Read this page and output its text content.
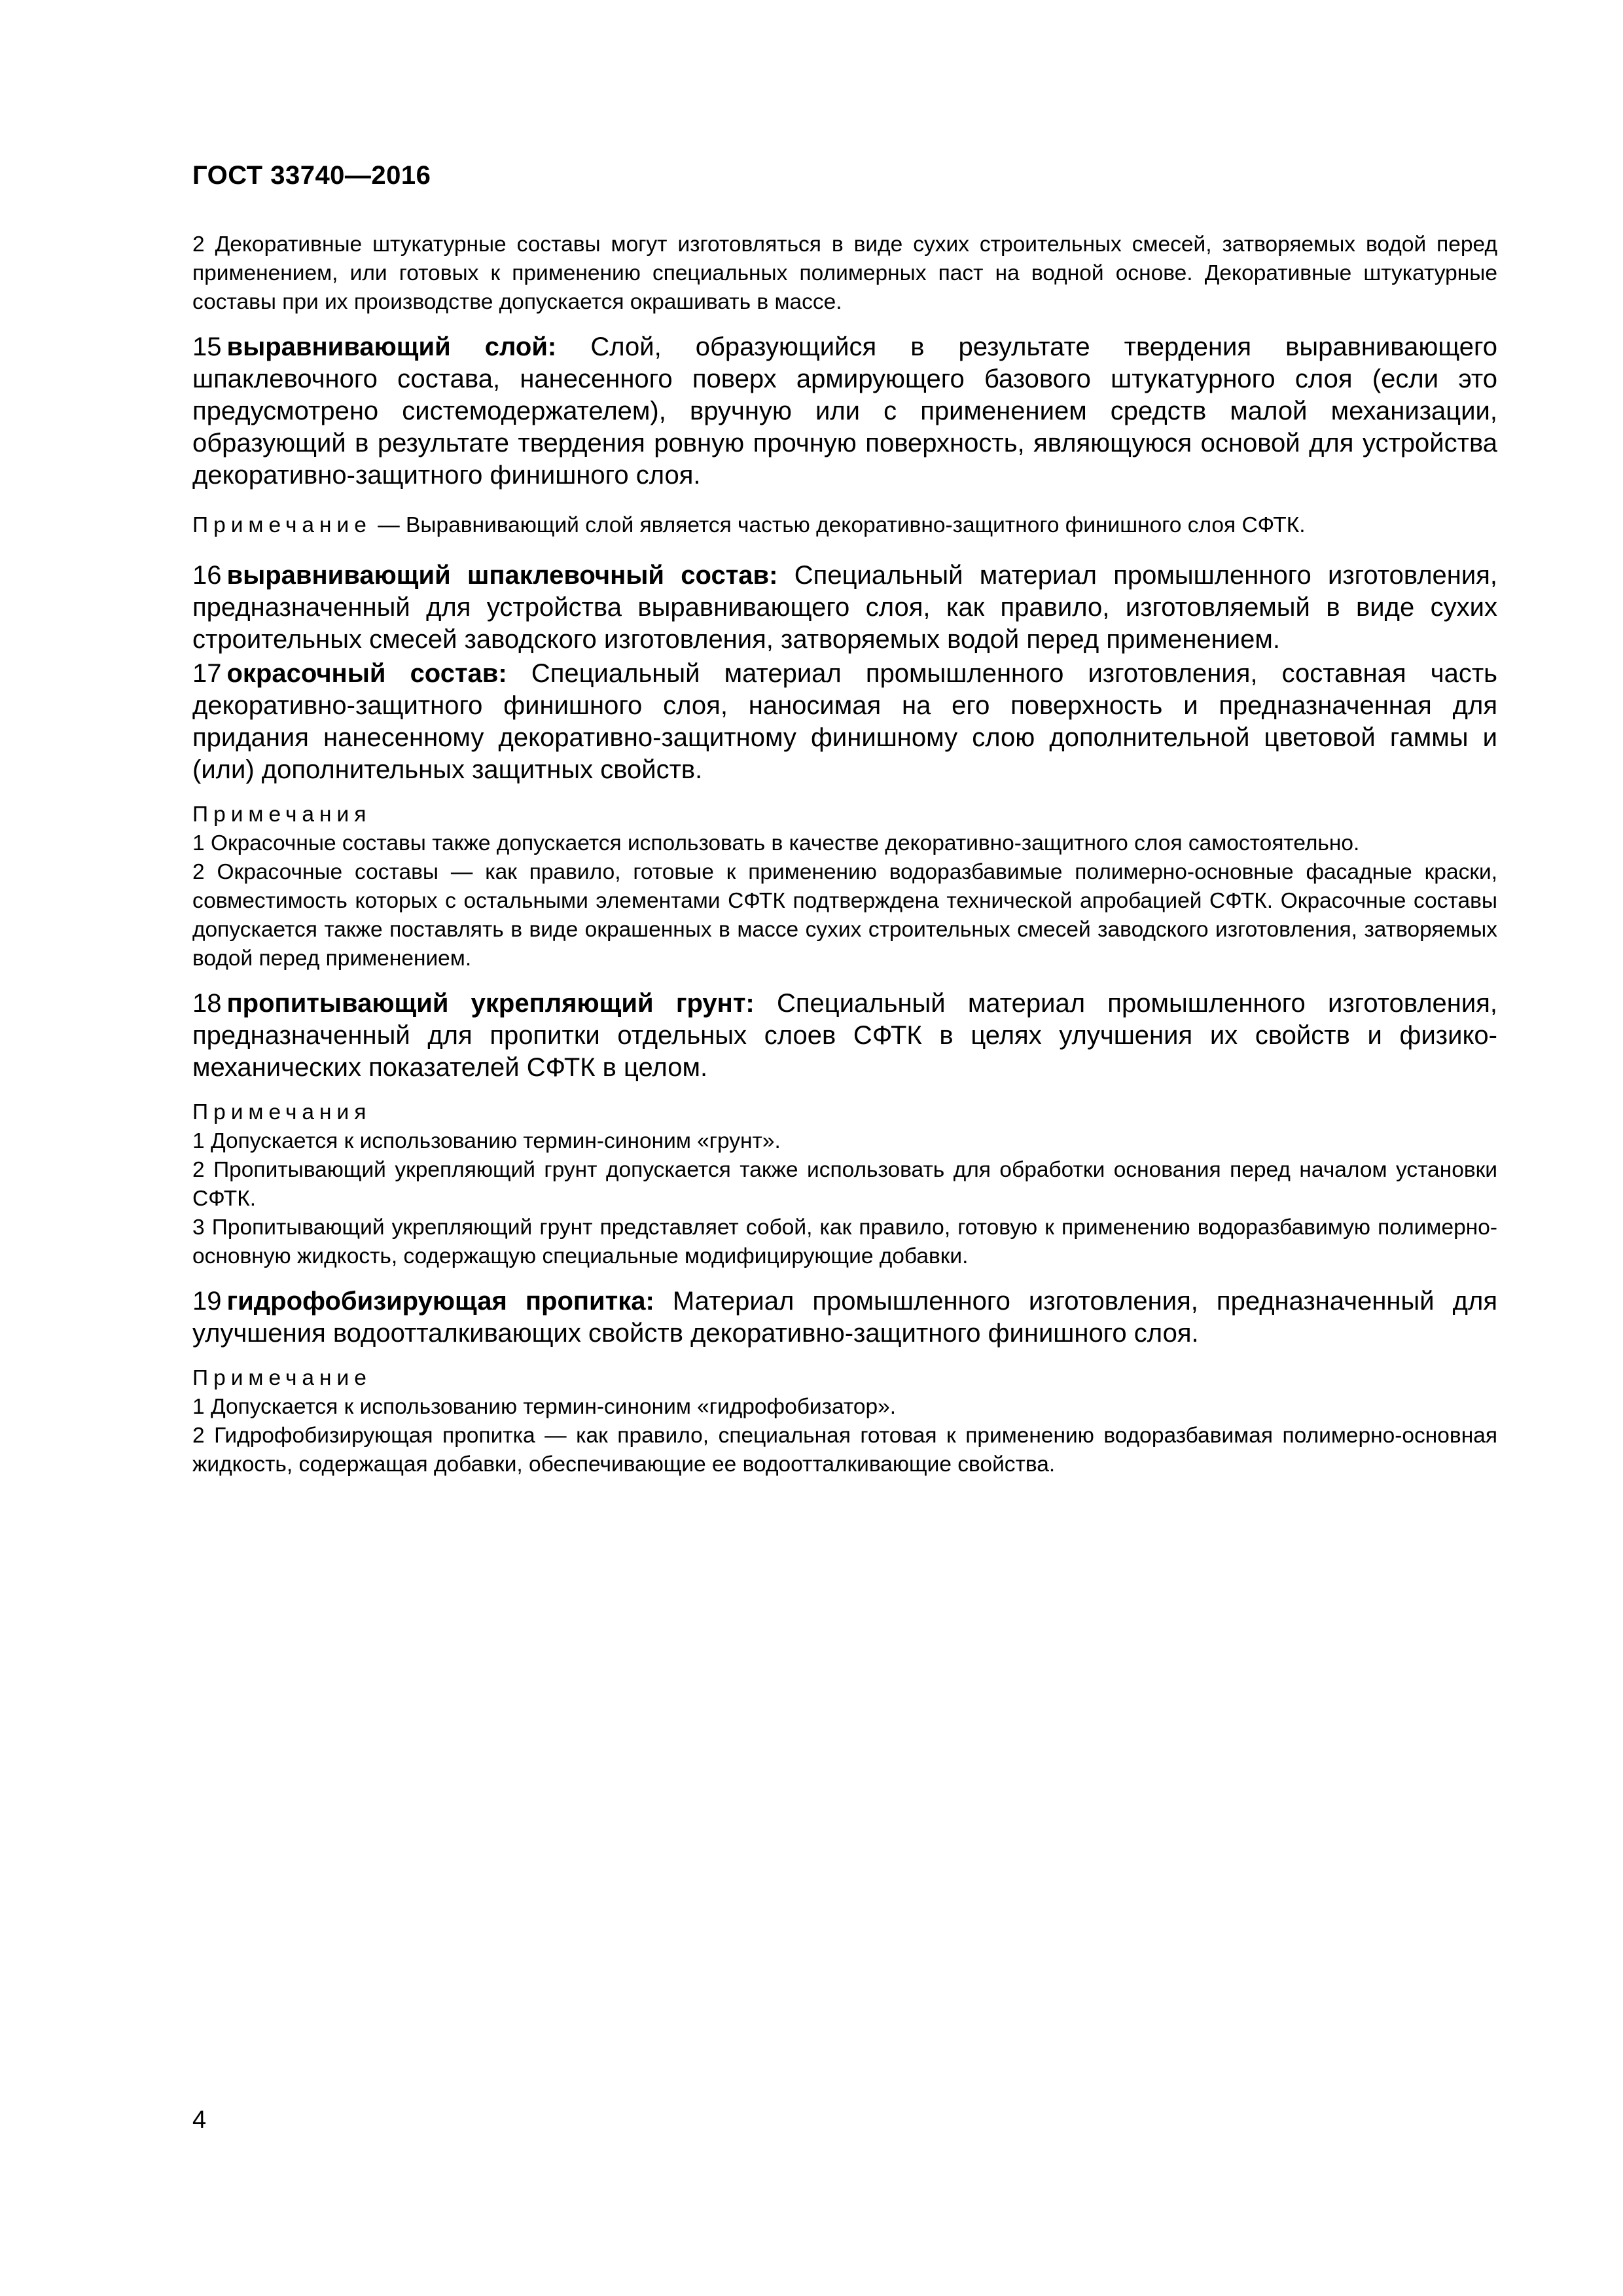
ГОСТ 33740—2016

2 Декоративные штукатурные составы могут изготовляться в виде сухих строительных смесей, затворяемых водой перед применением, или готовых к применению специальных полимерных паст на водной основе. Декоративные штукатурные составы при их производстве допускается окрашивать в массе.

15 выравнивающий слой: Слой, образующийся в результате твердения выравнивающего шпаклевочного состава, нанесенного поверх армирующего базового штукатурного слоя (если это предусмотрено системодержателем), вручную или с применением средств малой механизации, образующий в результате твердения ровную прочную поверхность, являющуюся основой для устройства декоративно-защитного финишного слоя.

Примечание — Выравнивающий слой является частью декоративно-защитного финишного слоя СФТК.

16 выравнивающий шпаклевочный состав: Специальный материал промышленного изготовления, предназначенный для устройства выравнивающего слоя, как правило, изготовляемый в виде сухих строительных смесей заводского изготовления, затворяемых водой перед применением.

17 окрасочный состав: Специальный материал промышленного изготовления, составная часть декоративно-защитного финишного слоя, наносимая на его поверхность и предназначенная для придания нанесенному декоративно-защитному финишному слою дополнительной цветовой гаммы и (или) дополнительных защитных свойств.

Примечания

1 Окрасочные составы также допускается использовать в качестве декоративно-защитного слоя самостоятельно.

2 Окрасочные составы — как правило, готовые к применению водоразбавимые полимерно-основные фасадные краски, совместимость которых с остальными элементами СФТК подтверждена технической апробацией СФТК. Окрасочные составы допускается также поставлять в виде окрашенных в массе сухих строительных смесей заводского изготовления, затворяемых водой перед применением.

18 пропитывающий укрепляющий грунт: Специальный материал промышленного изготовления, предназначенный для пропитки отдельных слоев СФТК в целях улучшения их свойств и физико-механических показателей СФТК в целом.

Примечания

1 Допускается к использованию термин-синоним «грунт».

2 Пропитывающий укрепляющий грунт допускается также использовать для обработки основания перед началом установки СФТК.

3 Пропитывающий укрепляющий грунт представляет собой, как правило, готовую к применению водоразбавимую полимерно-основную жидкость, содержащую специальные модифицирующие добавки.

19 гидрофобизирующая пропитка: Материал промышленного изготовления, предназначенный для улучшения водоотталкивающих свойств декоративно-защитного финишного слоя.

Примечание

1 Допускается к использованию термин-синоним «гидрофобизатор».

2 Гидрофобизирующая пропитка — как правило, специальная готовая к применению водоразбавимая полимерно-основная жидкость, содержащая добавки, обеспечивающие ее водоотталкивающие свойства.

4
